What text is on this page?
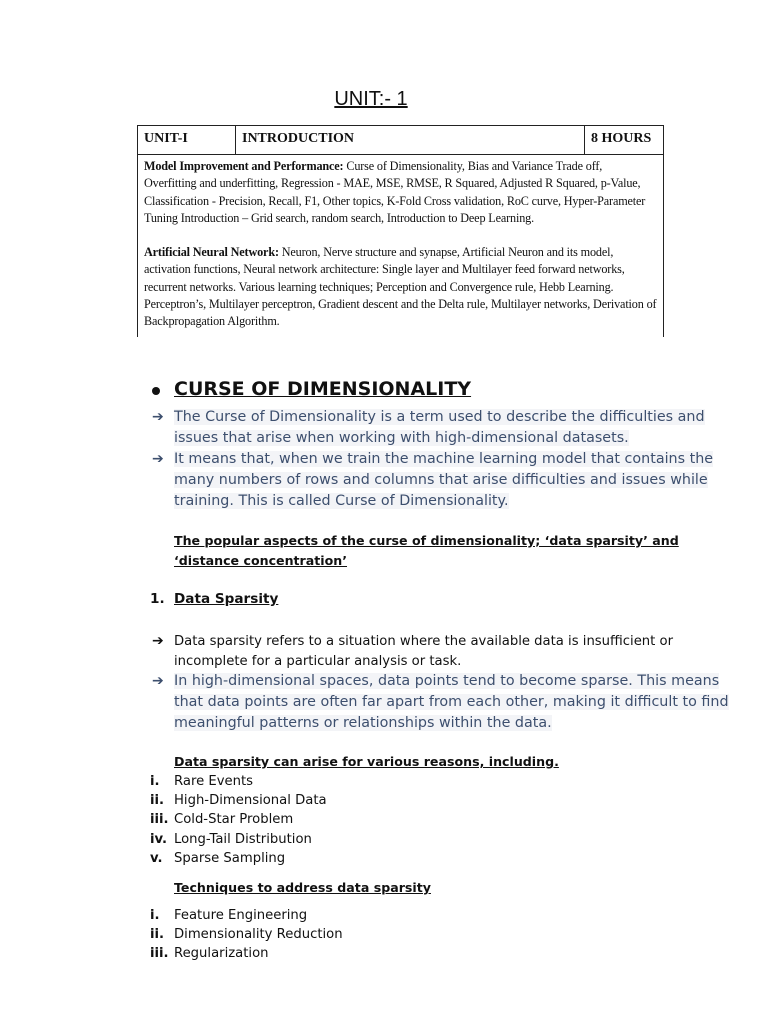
UNIT:- 1
UNIT-I	INTRODUCTION	8 HOURS

Model Improvement and Performance: Curse of Dimensionality, Bias and Variance Trade off, Overfitting and underfitting, Regression - MAE, MSE, RMSE, R Squared, Adjusted R Squared, p-Value, Classification - Precision, Recall, F1, Other topics, K-Fold Cross validation, RoC curve, Hyper-Parameter Tuning Introduction – Grid search, random search, Introduction to Deep Learning.

Artificial Neural Network: Neuron, Nerve structure and synapse, Artificial Neuron and its model, activation functions, Neural network architecture: Single layer and Multilayer feed forward networks, recurrent networks. Various learning techniques; Perception and Convergence rule, Hebb Learning. Perceptron’s, Multilayer perceptron, Gradient descent and the Delta rule, Multilayer networks, Derivation of Backpropagation Algorithm.

CURSE OF DIMENSIONALITY
➔ The Curse of Dimensionality is a term used to describe the difficulties and issues that arise when working with high-dimensional datasets.
➔ It means that, when we train the machine learning model that contains the many numbers of rows and columns that arise difficulties and issues while training. This is called Curse of Dimensionality.
The popular aspects of the curse of dimensionality; ‘data sparsity’ and ‘distance concentration’
1. Data Sparsity
➔ Data sparsity refers to a situation where the available data is insufficient or incomplete for a particular analysis or task.
➔ In high-dimensional spaces, data points tend to become sparse. This means that data points are often far apart from each other, making it difficult to find meaningful patterns or relationships within the data.
Data sparsity can arise for various reasons, including.
i. Rare Events
ii. High-Dimensional Data
iii. Cold-Star Problem
iv. Long-Tail Distribution
v. Sparse Sampling
Techniques to address data sparsity
i. Feature Engineering
ii. Dimensionality Reduction
iii. Regularization
